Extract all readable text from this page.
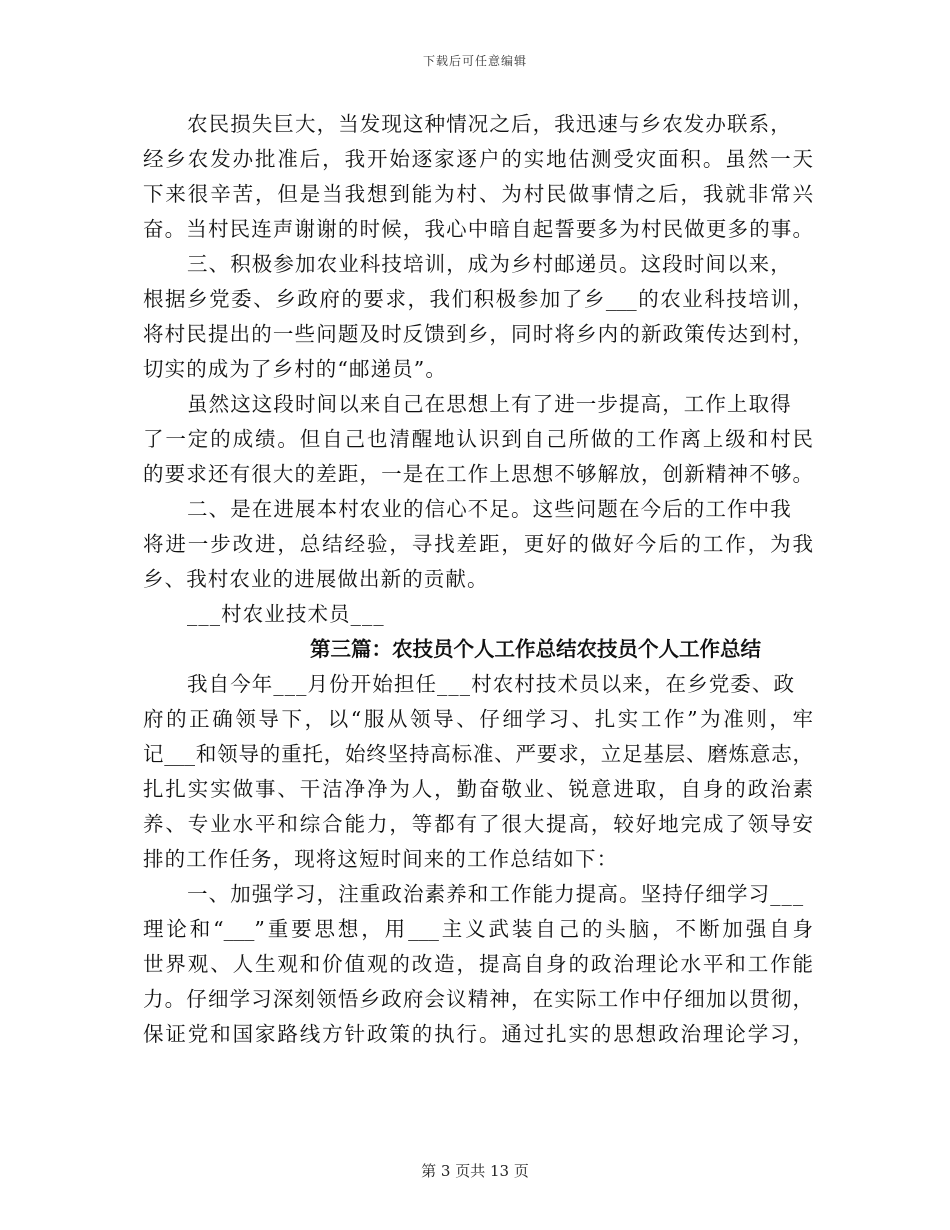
下载后可任意编辑
农民损失巨大，当发现这种情况之后，我迅速与乡农发办联系，
经乡农发办批准后，我开始逐家逐户的实地估测受灾面积。虽然一天
下来很辛苦，但是当我想到能为村、为村民做事情之后，我就非常兴
奋。当村民连声谢谢的时候，我心中暗自起誓要多为村民做更多的事。
三、积极参加农业科技培训，成为乡村邮递员。这段时间以来，
根据乡党委、乡政府的要求，我们积极参加了乡___的农业科技培训，
将村民提出的一些问题及时反馈到乡，同时将乡内的新政策传达到村，
切实的成为了乡村的“邮递员”。
虽然这这段时间以来自己在思想上有了进一步提高，工作上取得
了一定的成绩。但自己也清醒地认识到自己所做的工作离上级和村民
的要求还有很大的差距，一是在工作上思想不够解放，创新精神不够。
二、是在进展本村农业的信心不足。这些问题在今后的工作中我
将进一步改进，总结经验，寻找差距，更好的做好今后的工作，为我
乡、我村农业的进展做出新的贡献。
___村农业技术员___
第三篇：农技员个人工作总结农技员个人工作总结
我自今年___月份开始担任___村农村技术员以来，在乡党委、政
府的正确领导下，以“服从领导、仔细学习、扎实工作”为准则，牢
记___和领导的重托，始终坚持高标准、严要求，立足基层、磨炼意志，
扎扎实实做事、干洁净净为人，勤奋敬业、锐意进取，自身的政治素
养、专业水平和综合能力，等都有了很大提高，较好地完成了领导安
排的工作任务，现将这短时间来的工作总结如下：
一、加强学习，注重政治素养和工作能力提高。坚持仔细学习___
理论和“___”重要思想，用___主义武装自己的头脑，不断加强自身
世界观、人生观和价值观的改造，提高自身的政治理论水平和工作能
力。仔细学习深刻领悟乡政府会议精神，在实际工作中仔细加以贯彻，
保证党和国家路线方针政策的执行。通过扎实的思想政治理论学习，
第 3 页共 13 页
